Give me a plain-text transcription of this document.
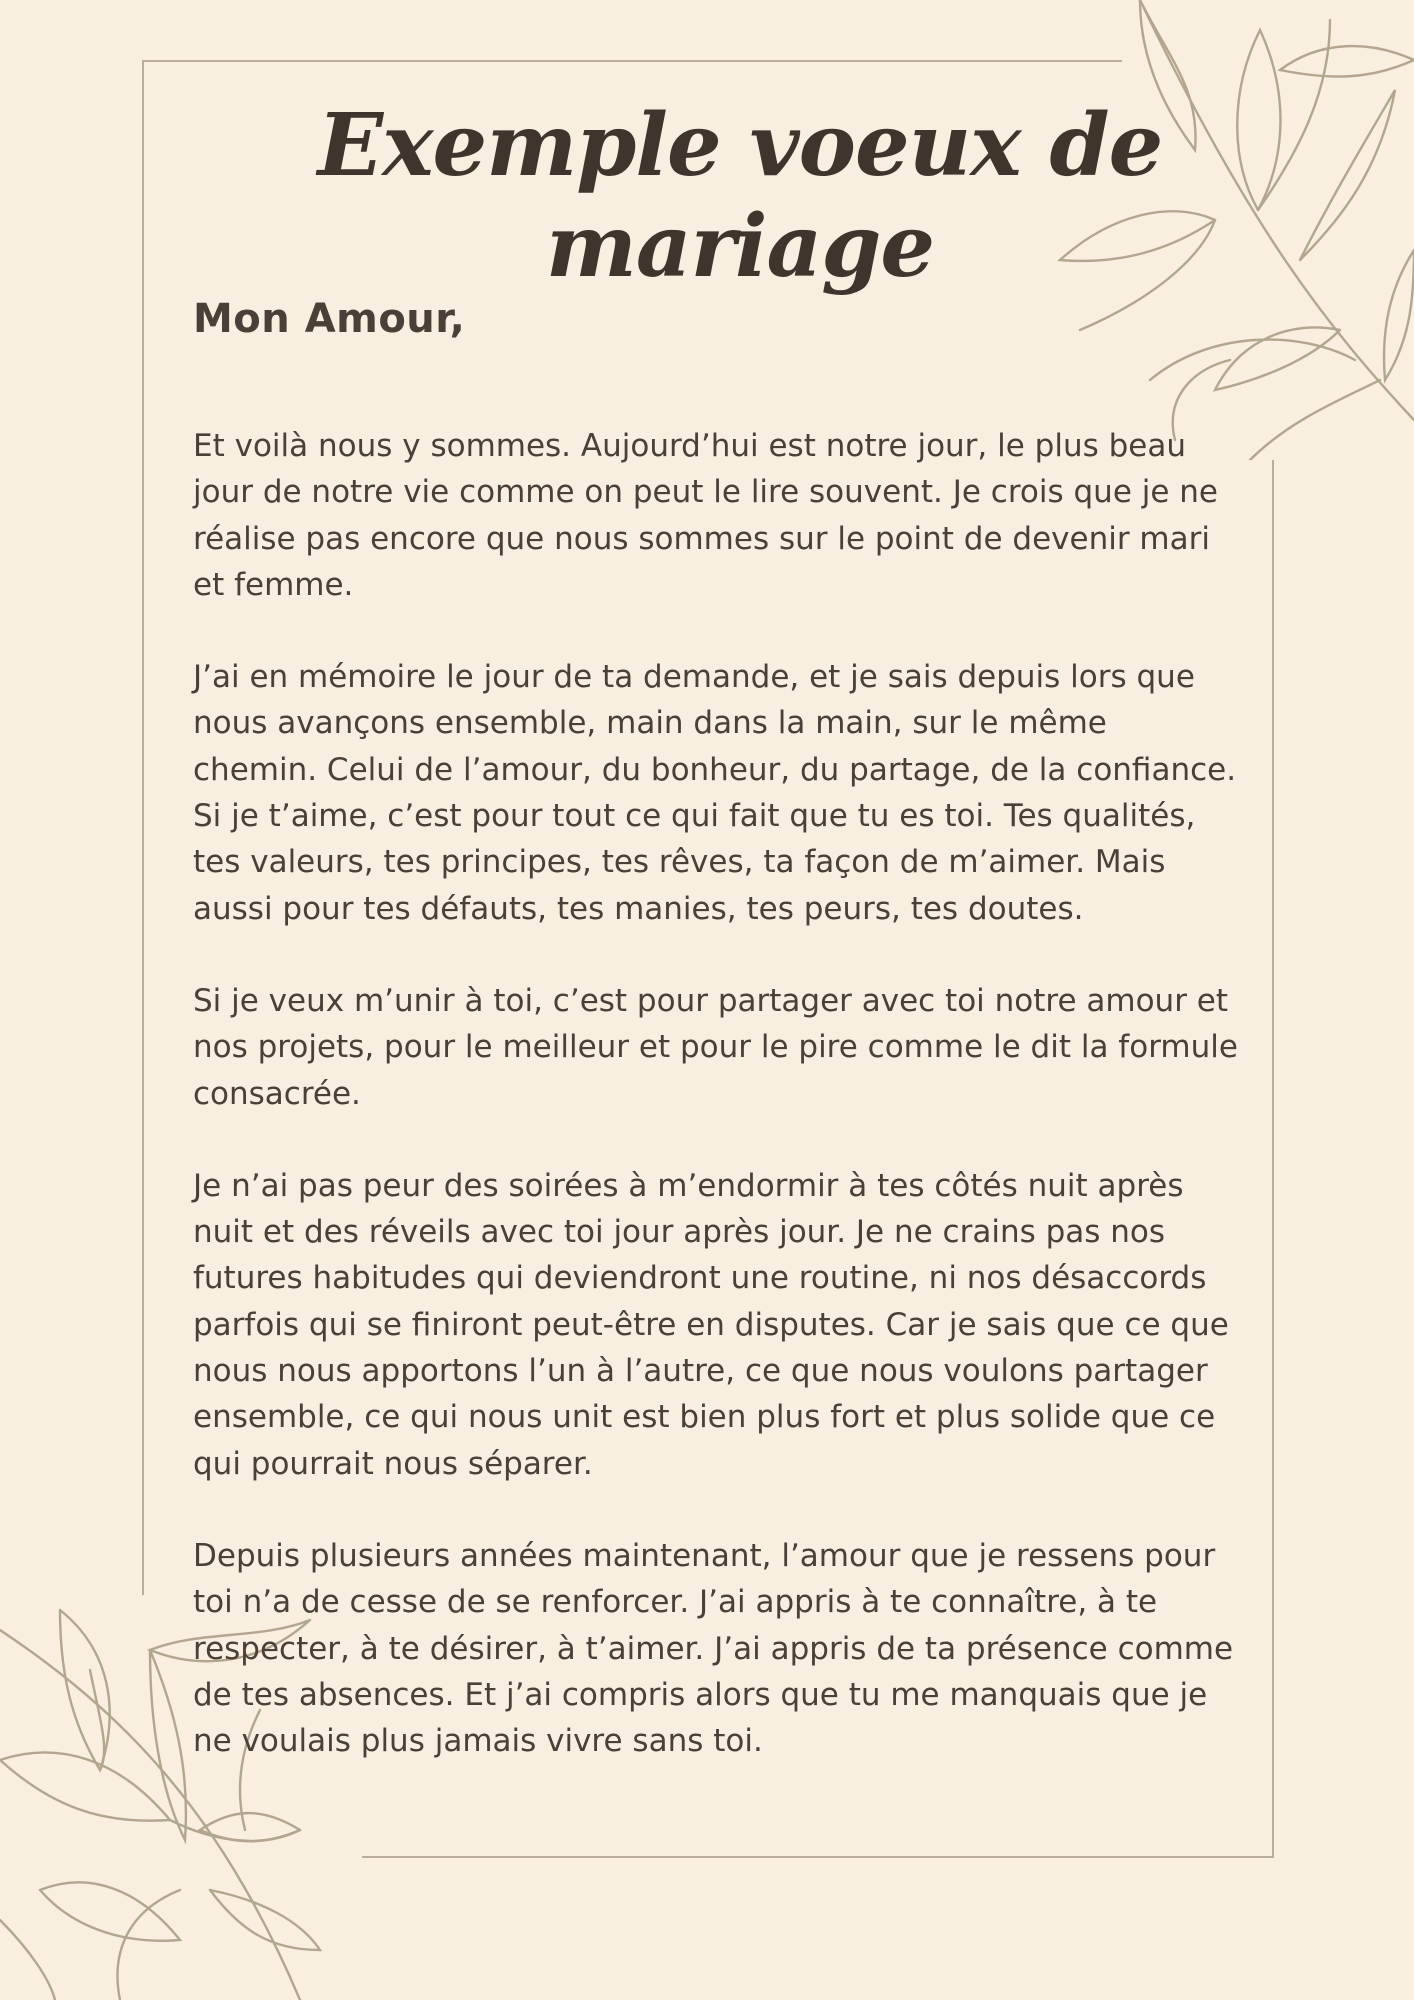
Exemple voeux de mariage

Mon Amour,

Et voilà nous y sommes. Aujourd’hui est notre jour, le plus beau jour de notre vie comme on peut le lire souvent. Je crois que je ne réalise pas encore que nous sommes sur le point de devenir mari et femme.

J’ai en mémoire le jour de ta demande, et je sais depuis lors que nous avançons ensemble, main dans la main, sur le même chemin. Celui de l’amour, du bonheur, du partage, de la confiance.

Si je t’aime, c’est pour tout ce qui fait que tu es toi. Tes qualités, tes valeurs, tes principes, tes rêves, ta façon de m’aimer. Mais aussi pour tes défauts, tes manies, tes peurs, tes doutes.

Si je veux m’unir à toi, c’est pour partager avec toi notre amour et nos projets, pour le meilleur et pour le pire comme le dit la formule consacrée.

Je n’ai pas peur des soirées à m’endormir à tes côtés nuit après nuit et des réveils avec toi jour après jour. Je ne crains pas nos futures habitudes qui deviendront une routine, ni nos désaccords parfois qui se finiront peut-être en disputes. Car je sais que ce que nous nous apportons l’un à l’autre, ce que nous voulons partager ensemble, ce qui nous unit est bien plus fort et plus solide que ce qui pourrait nous séparer.

Depuis plusieurs années maintenant, l’amour que je ressens pour toi n’a de cesse de se renforcer. J’ai appris à te connaître, à te respecter, à te désirer, à t’aimer. J’ai appris de ta présence comme de tes absences. Et j’ai compris alors que tu me manquais que je ne voulais plus jamais vivre sans toi.
